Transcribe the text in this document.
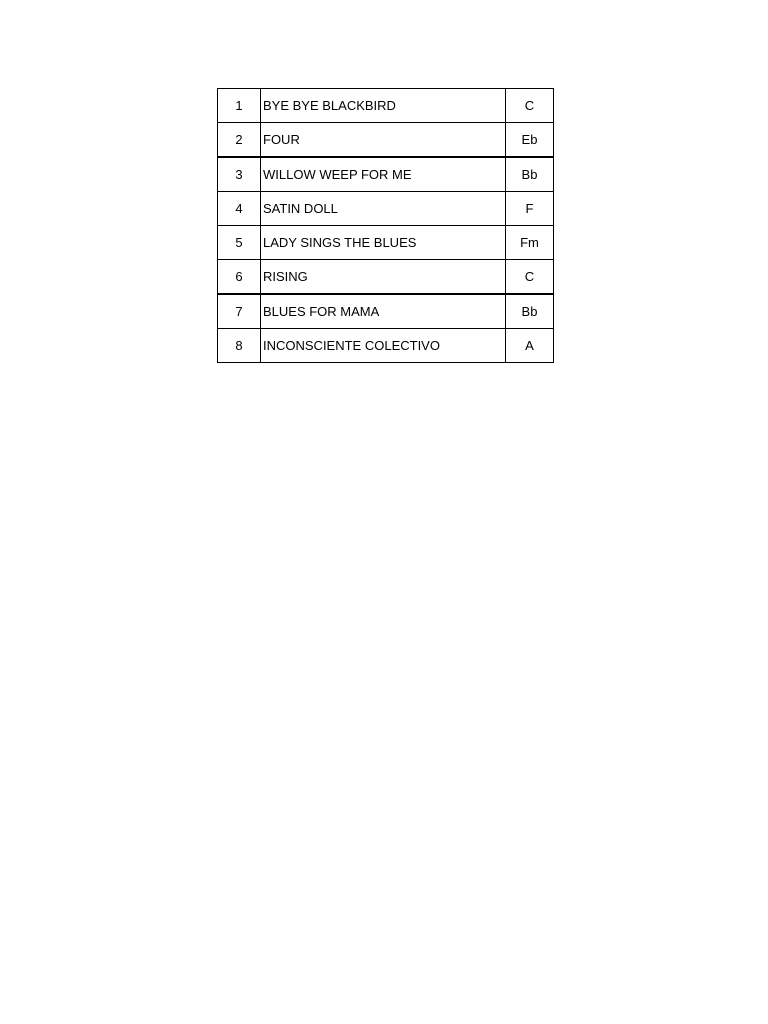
1	BYE BYE BLACKBIRD	C
2	FOUR	Eb
3	WILLOW WEEP FOR ME	Bb
4	SATIN DOLL	F
5	LADY SINGS THE BLUES	Fm
6	RISING	C
7	BLUES FOR MAMA	Bb
8	INCONSCIENTE COLECTIVO	A
